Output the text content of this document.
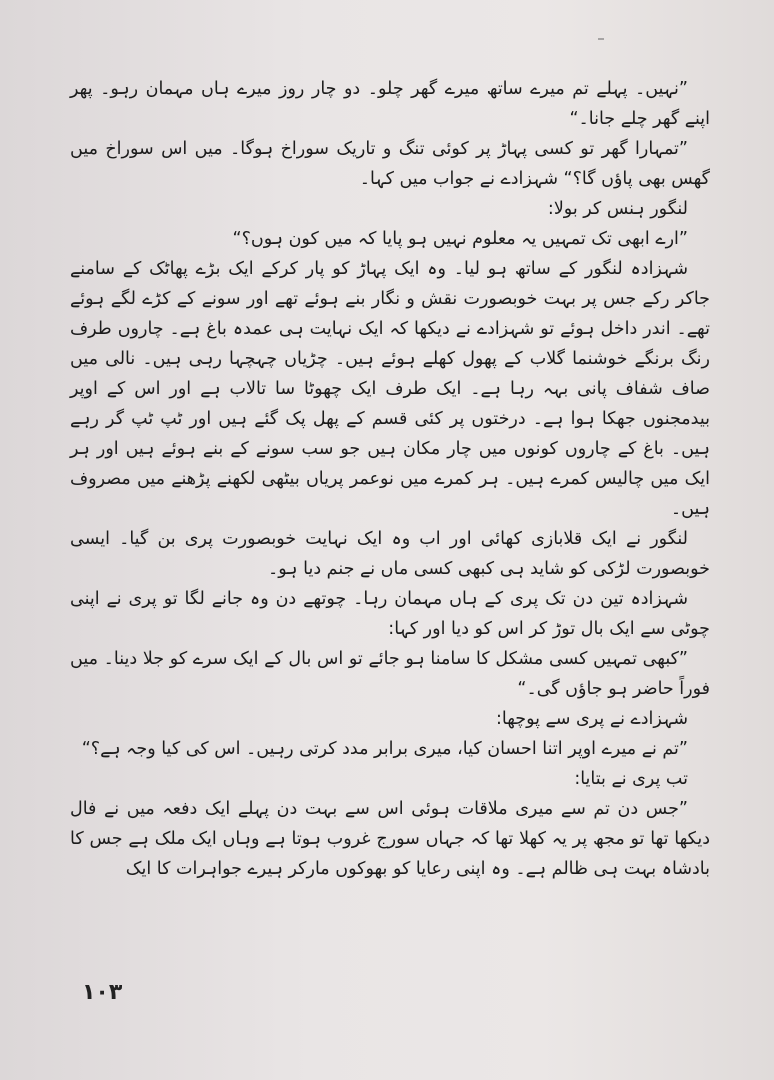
”نہیں۔ پہلے تم میرے ساتھ میرے گھر چلو۔ دو چار روز میرے ہاں مہمان رہو۔ پھر اپنے گھر چلے جانا۔“

”تمہارا گھر تو کسی پہاڑ پر کوئی تنگ و تاریک سوراخ ہوگا۔ میں اس سوراخ میں گھس بھی پاؤں گا؟“ شہزادے نے جواب میں کہا۔

لنگور ہنس کر بولا:

”ارے ابھی تک تمہیں یہ معلوم نہیں ہو پایا کہ میں کون ہوں؟“

شہزادہ لنگور کے ساتھ ہو لیا۔ وہ ایک پہاڑ کو پار کرکے ایک بڑے پھاٹک کے سامنے جاکر رکے جس پر بہت خوبصورت نقش و نگار بنے ہوئے تھے اور سونے کے کڑے لگے ہوئے تھے۔ اندر داخل ہوئے تو شہزادے نے دیکھا کہ ایک نہایت ہی عمدہ باغ ہے۔ چاروں طرف رنگ برنگے خوشنما گلاب کے پھول کھلے ہوئے ہیں۔ چڑیاں چہچہا رہی ہیں۔ نالی میں صاف شفاف پانی بہہ رہا ہے۔ ایک طرف ایک چھوٹا سا تالاب ہے اور اس کے اوپر بیدمجنوں جھکا ہوا ہے۔ درختوں پر کئی قسم کے پھل پک گئے ہیں اور ٹپ ٹپ گر رہے ہیں۔ باغ کے چاروں کونوں میں چار مکان ہیں جو سب سونے کے بنے ہوئے ہیں اور ہر ایک میں چالیس کمرے ہیں۔ ہر کمرے میں نوعمر پریاں بیٹھی لکھنے پڑھنے میں مصروف ہیں۔

لنگور نے ایک قلابازی کھائی اور اب وہ ایک نہایت خوبصورت پری بن گیا۔ ایسی خوبصورت لڑکی کو شاید ہی کبھی کسی ماں نے جنم دیا ہو۔

شہزادہ تین دن تک پری کے ہاں مہمان رہا۔ چوتھے دن وہ جانے لگا تو پری نے اپنی چوٹی سے ایک بال توڑ کر اس کو دیا اور کہا:

”کبھی تمہیں کسی مشکل کا سامنا ہو جائے تو اس بال کے ایک سرے کو جلا دینا۔ میں فوراً حاضر ہو جاؤں گی۔“

شہزادے نے پری سے پوچھا:

”تم نے میرے اوپر اتنا احسان کیا، میری برابر مدد کرتی رہیں۔ اس کی کیا وجہ ہے؟“

تب پری نے بتایا:

”جس دن تم سے میری ملاقات ہوئی اس سے بہت دن پہلے ایک دفعہ میں نے فال دیکھا تھا تو مجھ پر یہ کھلا تھا کہ جہاں سورج غروب ہوتا ہے وہاں ایک ملک ہے جس کا بادشاہ بہت ہی ظالم ہے۔ وہ اپنی رعایا کو بھوکوں مارکر ہیرے جواہرات کا ایک

۱۰۳
